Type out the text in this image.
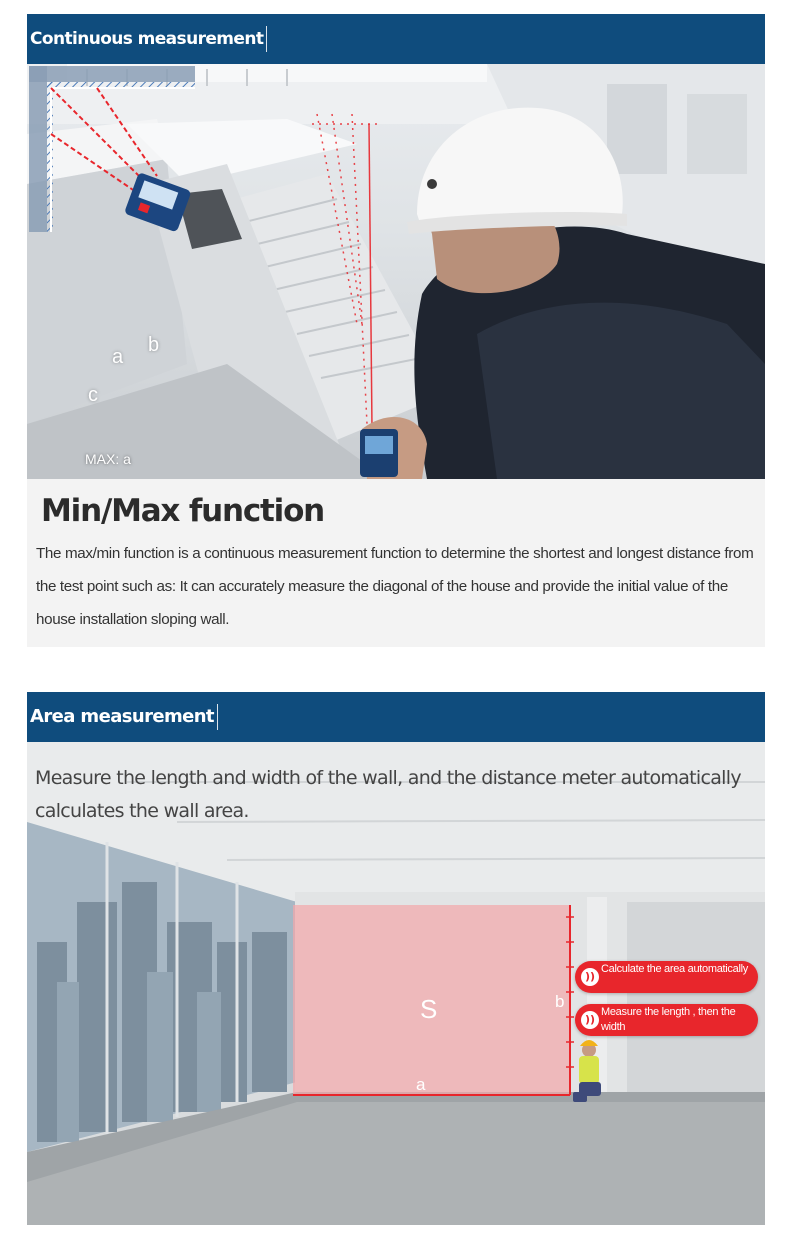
Continuous measurement
a
b
c
MAX: a
Min/Max function

The max/min function is a continuous measurement function to determine the shortest and longest distance from the test point such as: It can accurately measure the diagonal of the house and provide the initial value of the house installation sloping wall.

Area measurement

Measure the length and width of the wall, and the distance meter automatically calculates the wall area.

S
a
b
))
Calculate the area automatically
))
Measure the length , then the width
